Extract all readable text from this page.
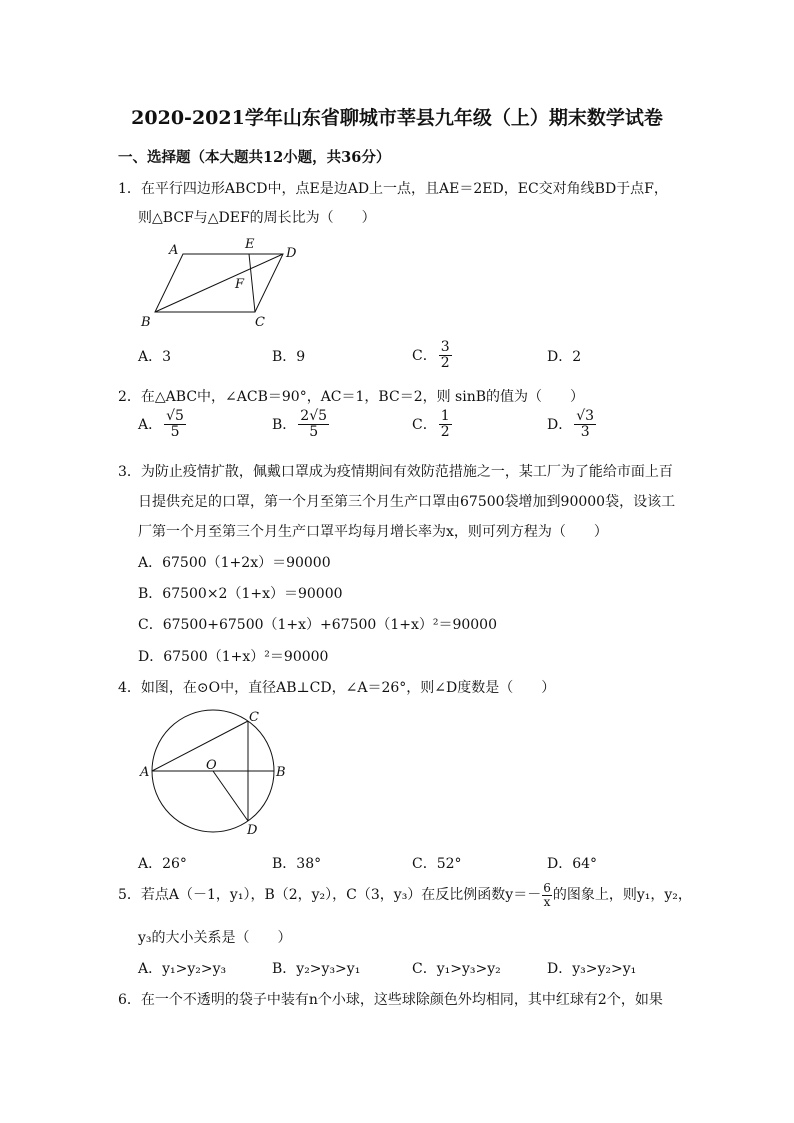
2020-2021学年山东省聊城市莘县九年级（上）期末数学试卷
一、选择题（本大题共12小题，共36分）
1．在平行四边形ABCD中，点E是边AD上一点，且AE＝2ED，EC交对角线BD于点F，
则△BCF与△DEF的周长比为（　　）
A	E
D
F
B	C
A．3	B．9	C． $\frac{3}{2}$	D．2
2．在△ABC中，∠ACB＝90°，AC＝1，BC＝2，则 sinB的值为（　　）
A． $\frac{√5}{5}$	B． $\frac{2√5}{5}$	C． $\frac{1}{2}$	D． $\frac{√3}{3}$
3．为防止疫情扩散，佩戴口罩成为疫情期间有效防范措施之一，某工厂为了能给市面上百
日提供充足的口罩，第一个月至第三个月生产口罩由67500袋增加到90000袋，设该工
厂第一个月至第三个月生产口罩平均每月增长率为x，则可列方程为（　　）
A．67500（1+2x）＝90000
B．67500×2（1+x）＝90000
C．67500+67500（1+x）+67500（1+x）²＝90000
D．67500（1+x）²＝90000
4．如图，在⊙O中，直径AB⊥CD，∠A＝26°，则∠D度数是（　　）
A	O
C
B
D
A．26°	B．38°	C．52°	D．64°
5．若点A（－1，y₁），B（2，y₂），C（3，y₃）在反比例函数$y=- \frac{6}{x}$ 的图象上，则y₁，y₂，
y₃的大小关系是（　　）
A．y₁>y₂>y₃	B．y₂>y₃>y₁	C．y₁>y₃>y₂	D．y₃>y₂>y₁
6．在一个不透明的袋子中装有n个小球，这些球除颜色外均相同，其中红球有2个，如果
